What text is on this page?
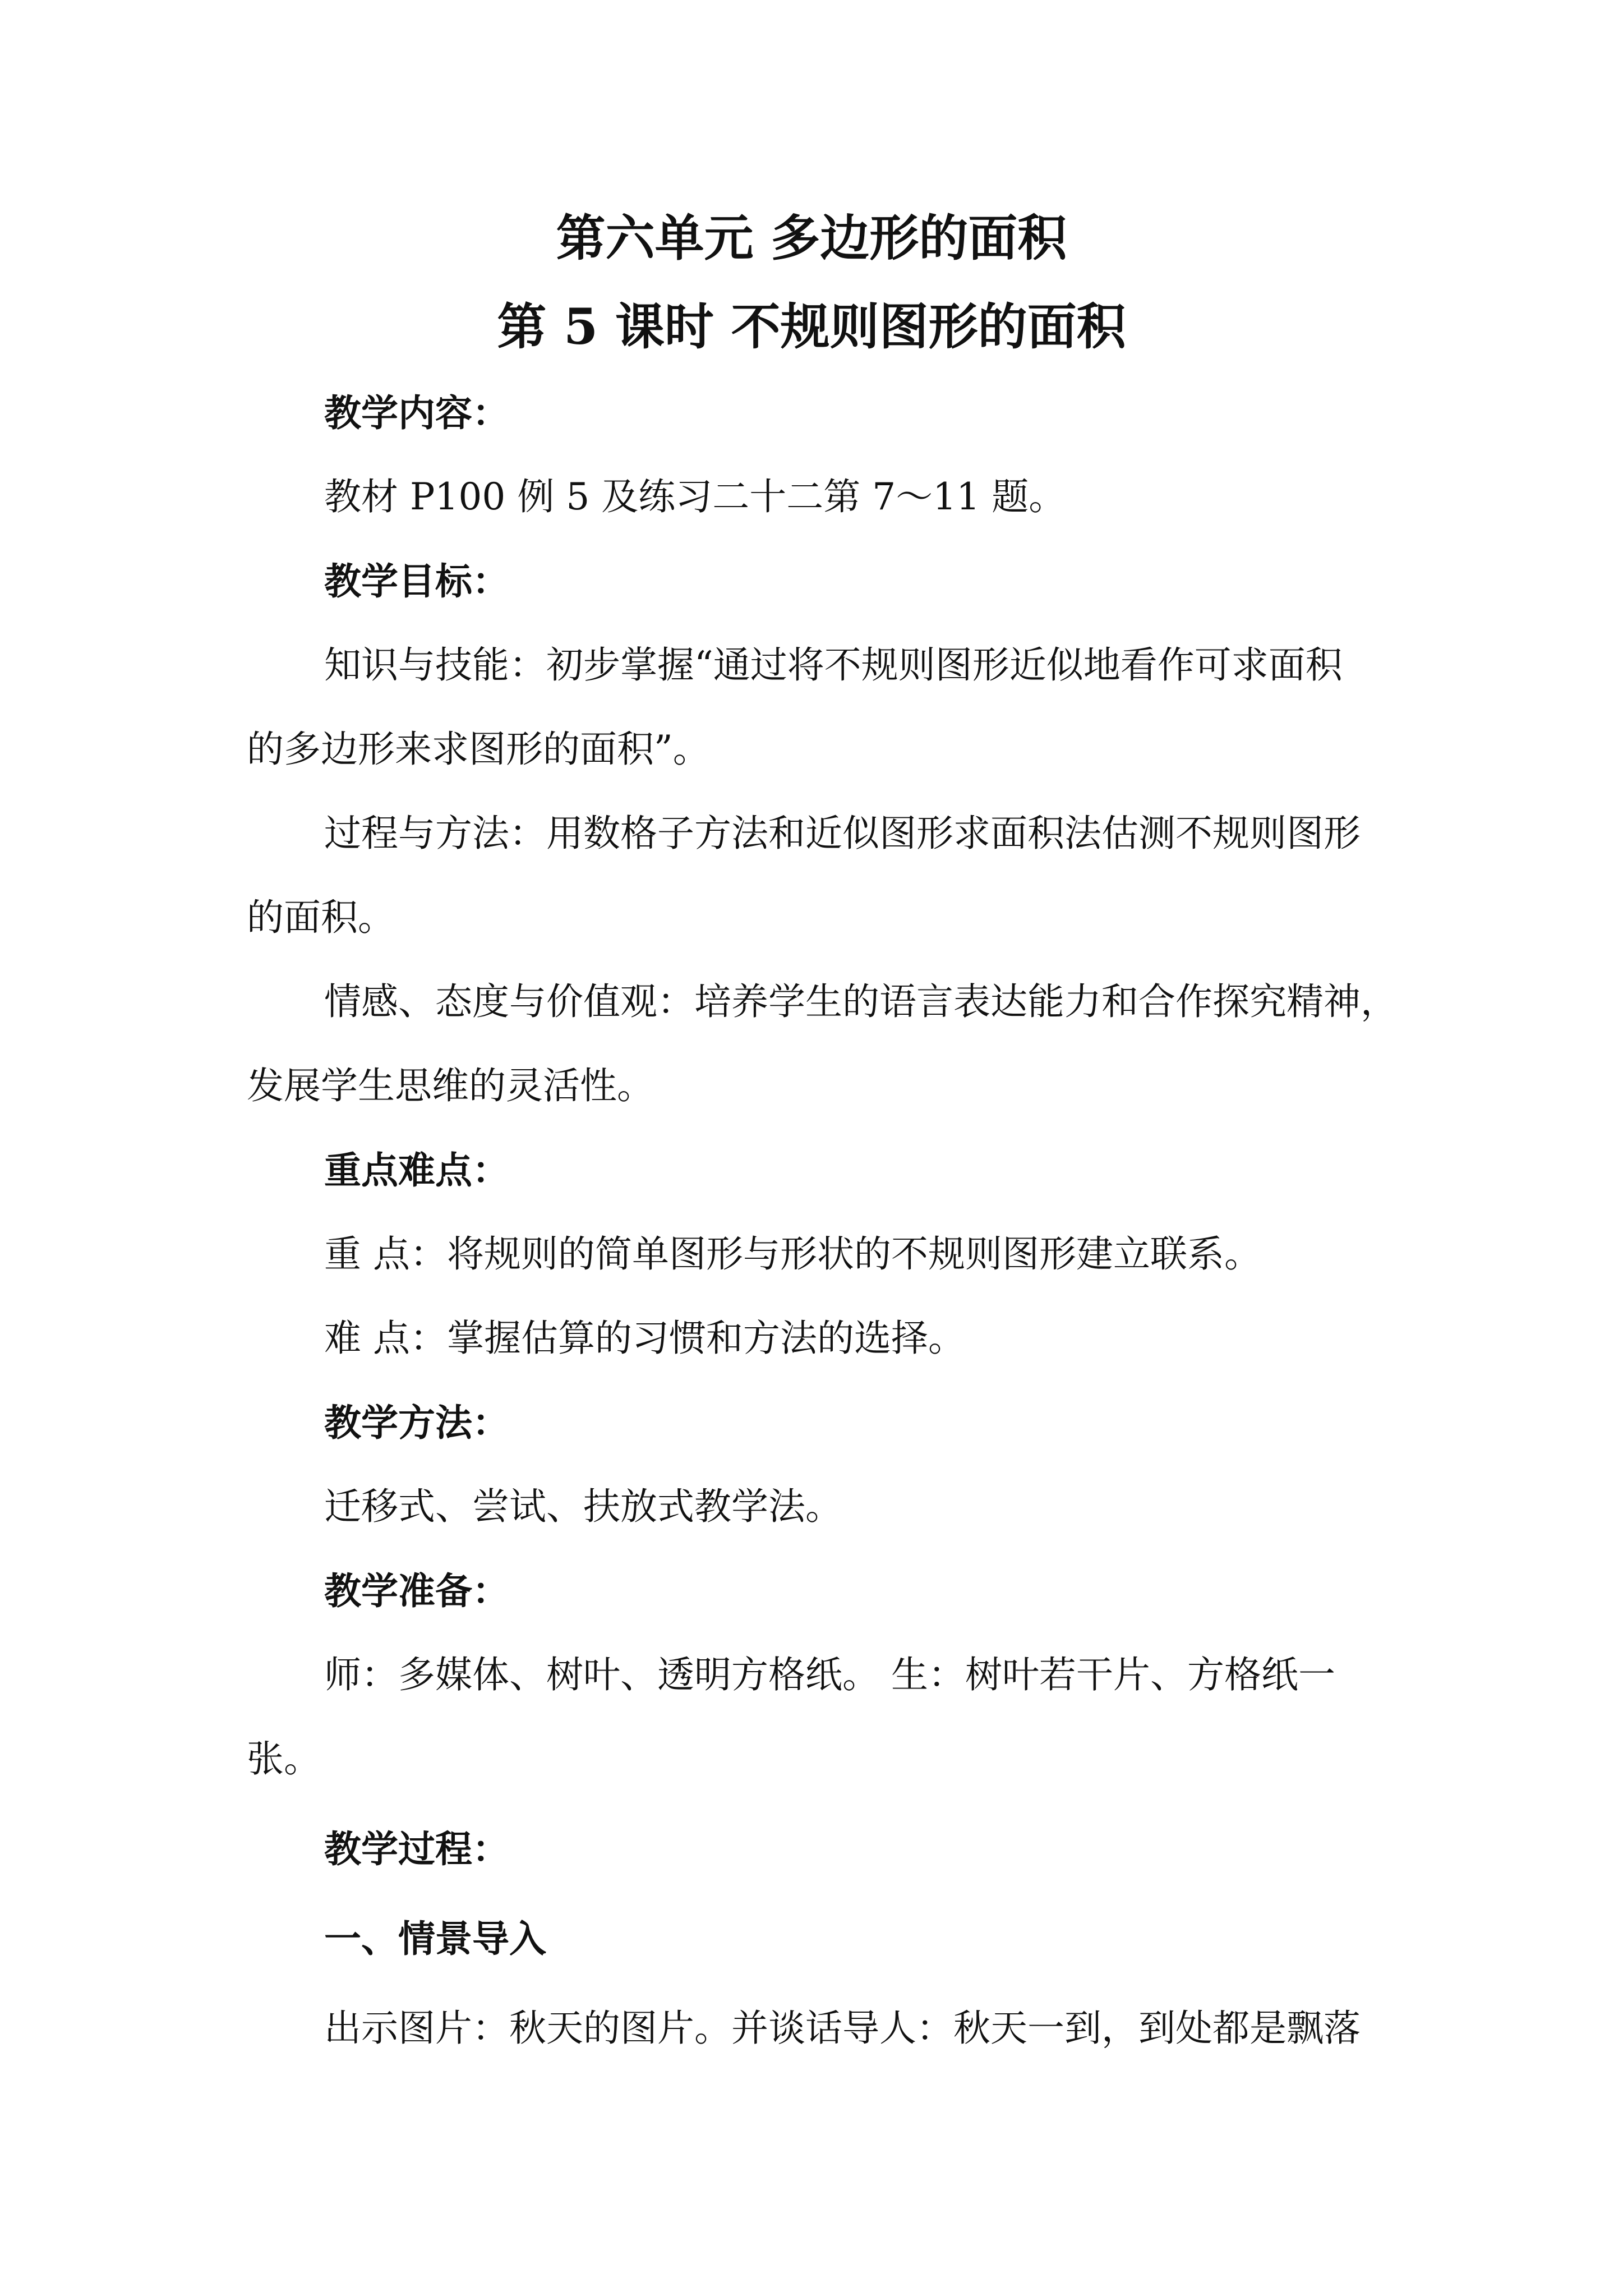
第六单元 多边形的面积
第 5 课时 不规则图形的面积
教学内容：
教材 P100 例 5 及练习二十二第 7～11 题。
教学目标：
知识与技能：初步掌握“通过将不规则图形近似地看作可求面积
的多边形来求图形的面积”。
过程与方法：用数格子方法和近似图形求面积法估测不规则图形
的面积。
情感、态度与价值观：培养学生的语言表达能力和合作探究精神，
发展学生思维的灵活性。
重点难点：
重 点：将规则的简单图形与形状的不规则图形建立联系。
难 点：掌握估算的习惯和方法的选择。
教学方法：
迁移式、尝试、扶放式教学法。
教学准备：
师：多媒体、树叶、透明方格纸。 生：树叶若干片、方格纸一
张。
教学过程：
一、情景导入
出示图片：秋天的图片。并谈话导人：秋天一到，到处都是飘落
